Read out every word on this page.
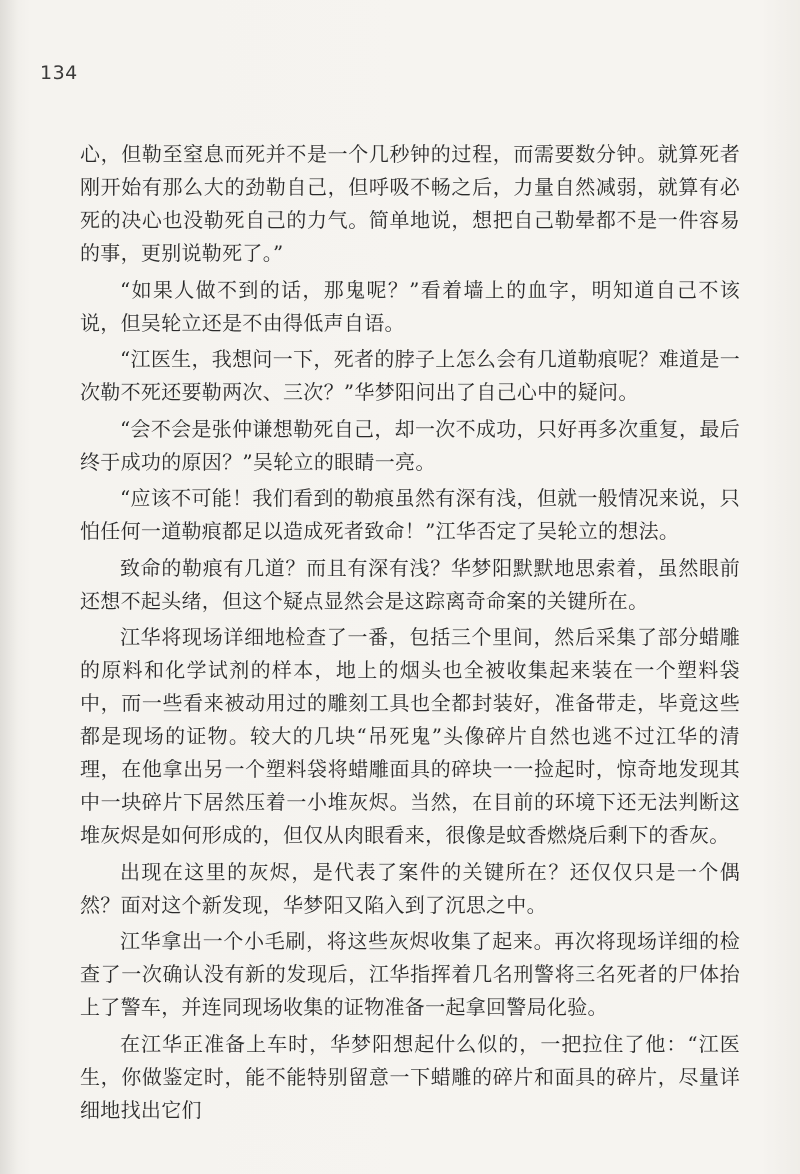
134

心，但勒至窒息而死并不是一个几秒钟的过程，而需要数分钟。就算死者刚开始有那么大的劲勒自己，但呼吸不畅之后，力量自然减弱，就算有必死的决心也没勒死自己的力气。简单地说，想把自己勒晕都不是一件容易的事，更别说勒死了。”

“如果人做不到的话，那鬼呢？”看着墙上的血字，明知道自己不该说，但吴轮立还是不由得低声自语。

“江医生，我想问一下，死者的脖子上怎么会有几道勒痕呢？难道是一次勒不死还要勒两次、三次？”华梦阳问出了自己心中的疑问。

“会不会是张仲谦想勒死自己，却一次不成功，只好再多次重复，最后终于成功的原因？”吴轮立的眼睛一亮。

“应该不可能！我们看到的勒痕虽然有深有浅，但就一般情况来说，只怕任何一道勒痕都足以造成死者致命！”江华否定了吴轮立的想法。

致命的勒痕有几道？而且有深有浅？华梦阳默默地思索着，虽然眼前还想不起头绪，但这个疑点显然会是这踪离奇命案的关键所在。

江华将现场详细地检查了一番，包括三个里间，然后采集了部分蜡雕的原料和化学试剂的样本，地上的烟头也全被收集起来装在一个塑料袋中，而一些看来被动用过的雕刻工具也全都封装好，准备带走，毕竟这些都是现场的证物。较大的几块“吊死鬼”头像碎片自然也逃不过江华的清理，在他拿出另一个塑料袋将蜡雕面具的碎块一一捡起时，惊奇地发现其中一块碎片下居然压着一小堆灰烬。当然，在目前的环境下还无法判断这堆灰烬是如何形成的，但仅从肉眼看来，很像是蚊香燃烧后剩下的香灰。

出现在这里的灰烬，是代表了案件的关键所在？还仅仅只是一个偶然？面对这个新发现，华梦阳又陷入到了沉思之中。

江华拿出一个小毛刷，将这些灰烬收集了起来。再次将现场详细的检查了一次确认没有新的发现后，江华指挥着几名刑警将三名死者的尸体抬上了警车，并连同现场收集的证物准备一起拿回警局化验。

在江华正准备上车时，华梦阳想起什么似的，一把拉住了他：“江医生，你做鉴定时，能不能特别留意一下蜡雕的碎片和面具的碎片，尽量详细地找出它们
